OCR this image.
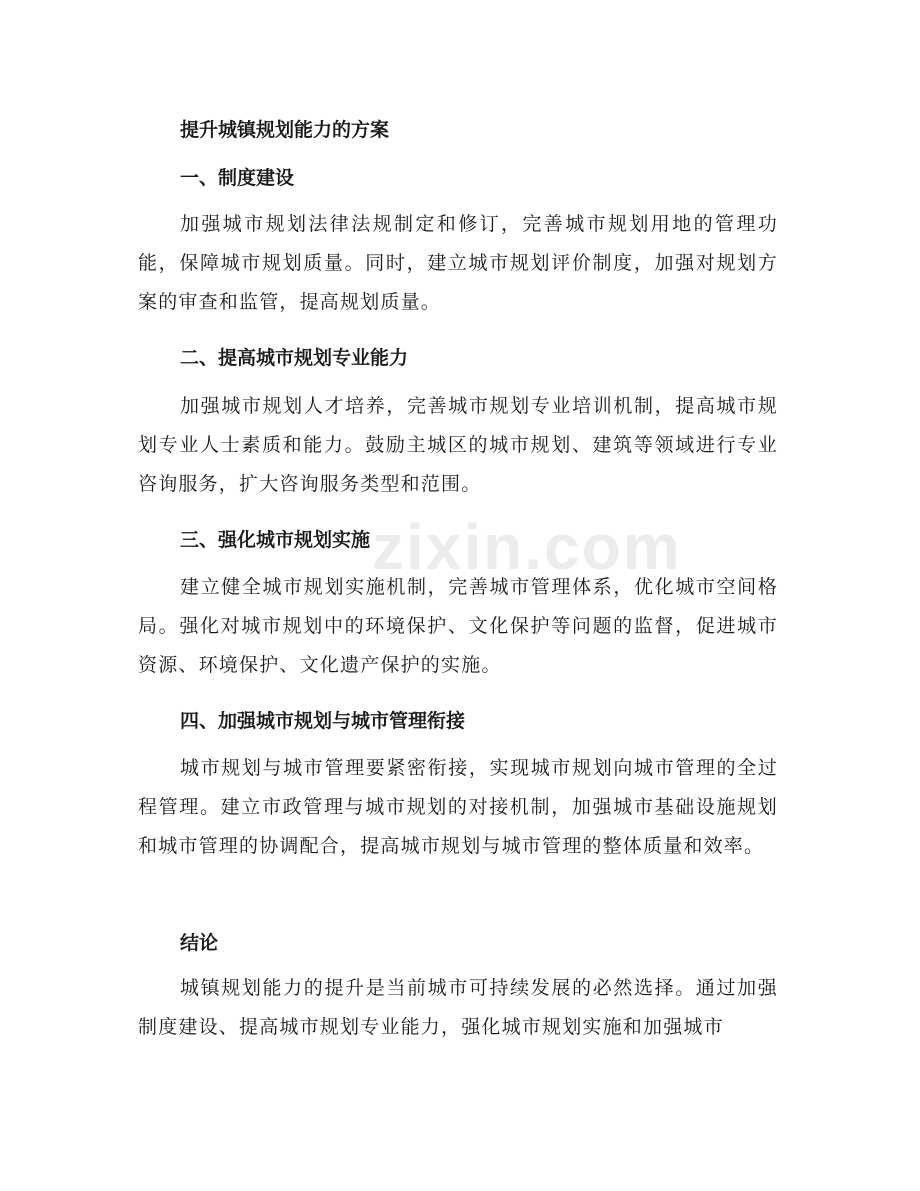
zixin.com
提升城镇规划能力的方案
一、制度建设
加强城市规划法律法规制定和修订，完善城市规划用地的管理功能，保障城市规划质量。同时，建立城市规划评价制度，加强对规划方案的审查和监管，提高规划质量。
二、提高城市规划专业能力
加强城市规划人才培养，完善城市规划专业培训机制，提高城市规划专业人士素质和能力。鼓励主城区的城市规划、建筑等领域进行专业咨询服务，扩大咨询服务类型和范围。
三、强化城市规划实施
建立健全城市规划实施机制，完善城市管理体系，优化城市空间格局。强化对城市规划中的环境保护、文化保护等问题的监督，促进城市资源、环境保护、文化遗产保护的实施。
四、加强城市规划与城市管理衔接
城市规划与城市管理要紧密衔接，实现城市规划向城市管理的全过程管理。建立市政管理与城市规划的对接机制，加强城市基础设施规划和城市管理的协调配合，提高城市规划与城市管理的整体质量和效率。
结论
城镇规划能力的提升是当前城市可持续发展的必然选择。通过加强制度建设、提高城市规划专业能力，强化城市规划实施和加强城市
